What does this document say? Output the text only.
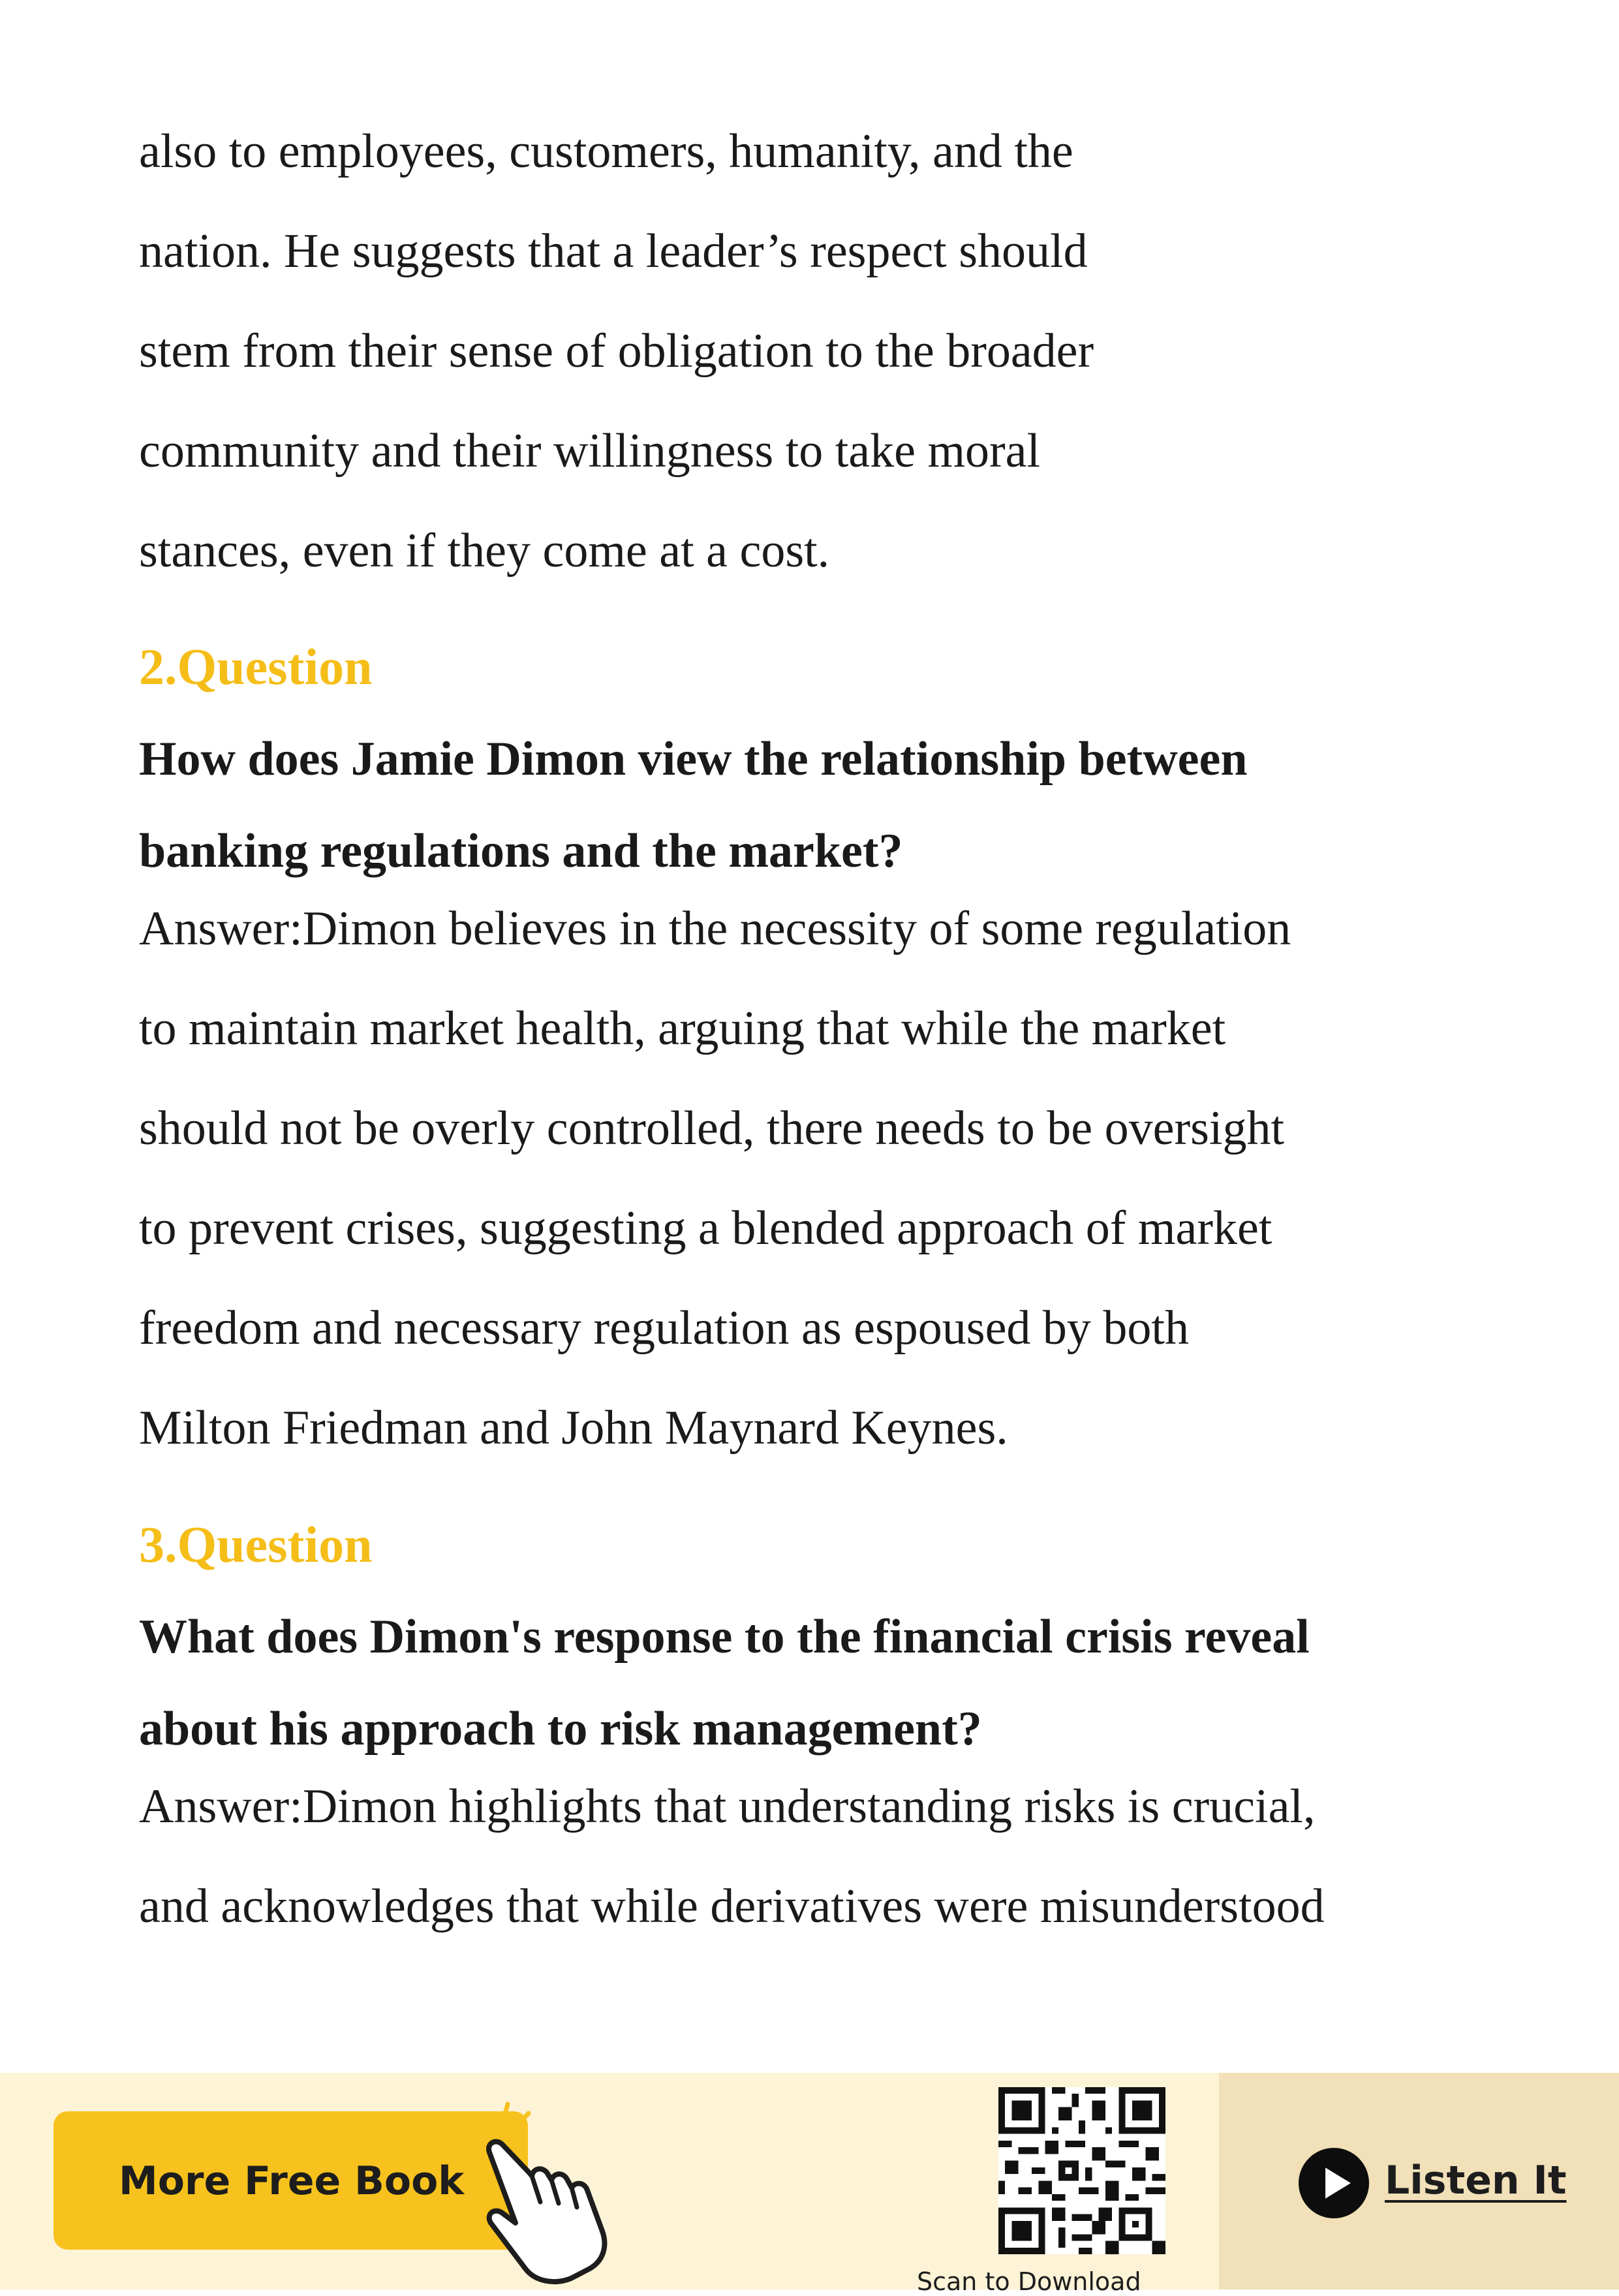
also to employees, customers, humanity, and the
nation. He suggests that a leader’s respect should
stem from their sense of obligation to the broader
community and their willingness to take moral
stances, even if they come at a cost.
2.Question
How does Jamie Dimon view the relationship between
banking regulations and the market?
Answer:Dimon believes in the necessity of some regulation
to maintain market health, arguing that while the market
should not be overly controlled, there needs to be oversight
to prevent crises, suggesting a blended approach of market
freedom and necessary regulation as espoused by both
Milton Friedman and John Maynard Keynes.
3.Question
What does Dimon's response to the financial crisis reveal
about his approach to risk management?
Answer:Dimon highlights that understanding risks is crucial,
and acknowledges that while derivatives were misunderstood
More Free Book
Scan to Download
Listen It
